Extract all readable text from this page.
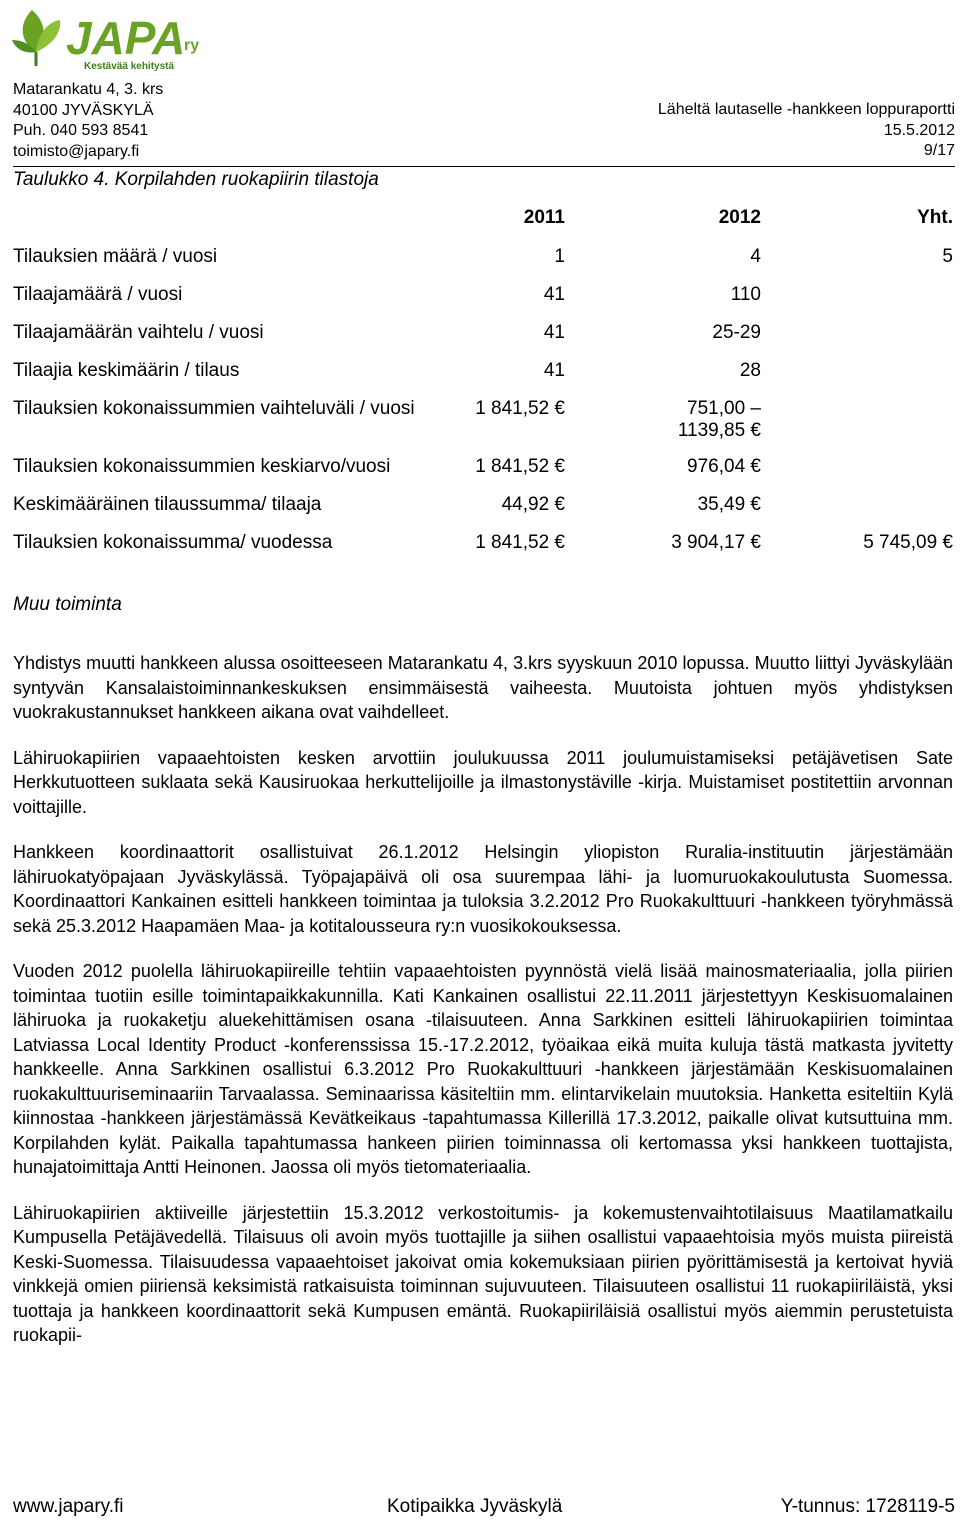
JAPA
ry
Kestävää kehitystä
Matarankatu 4, 3. krs
40100 JYVÄSKYLÄ
Puh. 040 593 8541
toimisto@japary.fi
Läheltä lautaselle -hankkeen loppuraportti
15.5.2012
9/17
Taulukko 4. Korpilahden ruokapiirin tilastoja
2011	2012	Yht.
Tilauksien määrä / vuosi	1	4	5
Tilaajamäärä / vuosi	41	110
Tilaajamäärän vaihtelu / vuosi	41	25-29
Tilaajia keskimäärin / tilaus	41	28
Tilauksien kokonaissummien vaihteluväli / vuosi	1 841,52 €	751,00 –
1139,85 €
Tilauksien kokonaissummien keskiarvo/vuosi	1 841,52 €	976,04 €
Keskimääräinen tilaussumma/ tilaaja	44,92 €	35,49 €
Tilauksien kokonaissumma/ vuodessa	1 841,52 €	3 904,17 €	5 745,09 €
Muu toiminta

Yhdistys muutti hankkeen alussa osoitteeseen Matarankatu 4, 3.krs syyskuun 2010 lopussa. Muutto liittyi Jyväskylään syntyvän Kansalaistoiminnankeskuksen ensimmäisestä vaiheesta. Muutoista johtuen myös yhdistyksen vuokrakustannukset hankkeen aikana ovat vaihdelleet.

Lähiruokapiirien vapaaehtoisten kesken arvottiin joulukuussa 2011 joulumuistamiseksi petäjävetisen Sate Herkkutuotteen suklaata sekä Kausiruokaa herkuttelijoille ja ilmastonystäville -kirja. Muistamiset postitettiin arvonnan voittajille.

Hankkeen koordinaattorit osallistuivat 26.1.2012 Helsingin yliopiston Ruralia-instituutin järjestämään lähiruokatyöpajaan Jyväskylässä. Työpajapäivä oli osa suurempaa lähi- ja luomuruokakoulutusta Suomessa. Koordinaattori Kankainen esitteli hankkeen toimintaa ja tuloksia 3.2.2012 Pro Ruokakulttuuri -hankkeen työryhmässä sekä 25.3.2012 Haapamäen Maa- ja kotitalousseura ry:n vuosikokouksessa.

Vuoden 2012 puolella lähiruokapiireille tehtiin vapaaehtoisten pyynnöstä vielä lisää mainosmateriaalia, jolla piirien toimintaa tuotiin esille toimintapaikkakunnilla. Kati Kankainen osallistui 22.11.2011 järjestettyyn Keskisuomalainen lähiruoka ja ruokaketju aluekehittämisen osana -tilaisuuteen. Anna Sarkkinen esitteli lähiruokapiirien toimintaa Latviassa Local Identity Product -konferenssissa 15.-17.2.2012, työaikaa eikä muita kuluja tästä matkasta jyvitetty hankkeelle. Anna Sarkkinen osallistui 6.3.2012 Pro Ruokakulttuuri -hankkeen järjestämään Keskisuomalainen ruokakulttuuriseminaariin Tarvaalassa. Seminaarissa käsiteltiin mm. elintarvikelain muutoksia. Hanketta esiteltiin Kylä kiinnostaa -hankkeen järjestämässä Kevätkeikaus -tapahtumassa Killerillä 17.3.2012, paikalle olivat kutsuttuina mm. Korpilahden kylät. Paikalla tapahtumassa hankeen piirien toiminnassa oli kertomassa yksi hankkeen tuottajista, hunajatoimittaja Antti Heinonen. Jaossa oli myös tietomateriaalia.

Lähiruokapiirien aktiiveille järjestettiin 15.3.2012 verkostoitumis- ja kokemustenvaihtotilaisuus Maatilamatkailu Kumpusella Petäjävedellä. Tilaisuus oli avoin myös tuottajille ja siihen osallistui vapaaehtoisia myös muista piireistä Keski-Suomessa. Tilaisuudessa vapaaehtoiset jakoivat omia kokemuksiaan piirien pyörittämisestä ja kertoivat hyviä vinkkejä omien piiriensä keksimistä ratkaisuista toiminnan sujuvuuteen. Tilaisuuteen osallistui 11 ruokapiiriläistä, yksi tuottaja ja hankkeen koordinaattorit sekä Kumpusen emäntä. Ruokapiiriläisiä osallistui myös aiemmin perustetuista ruokapii-

www.japary.fi	Kotipaikka Jyväskylä	Y-tunnus: 1728119-5
